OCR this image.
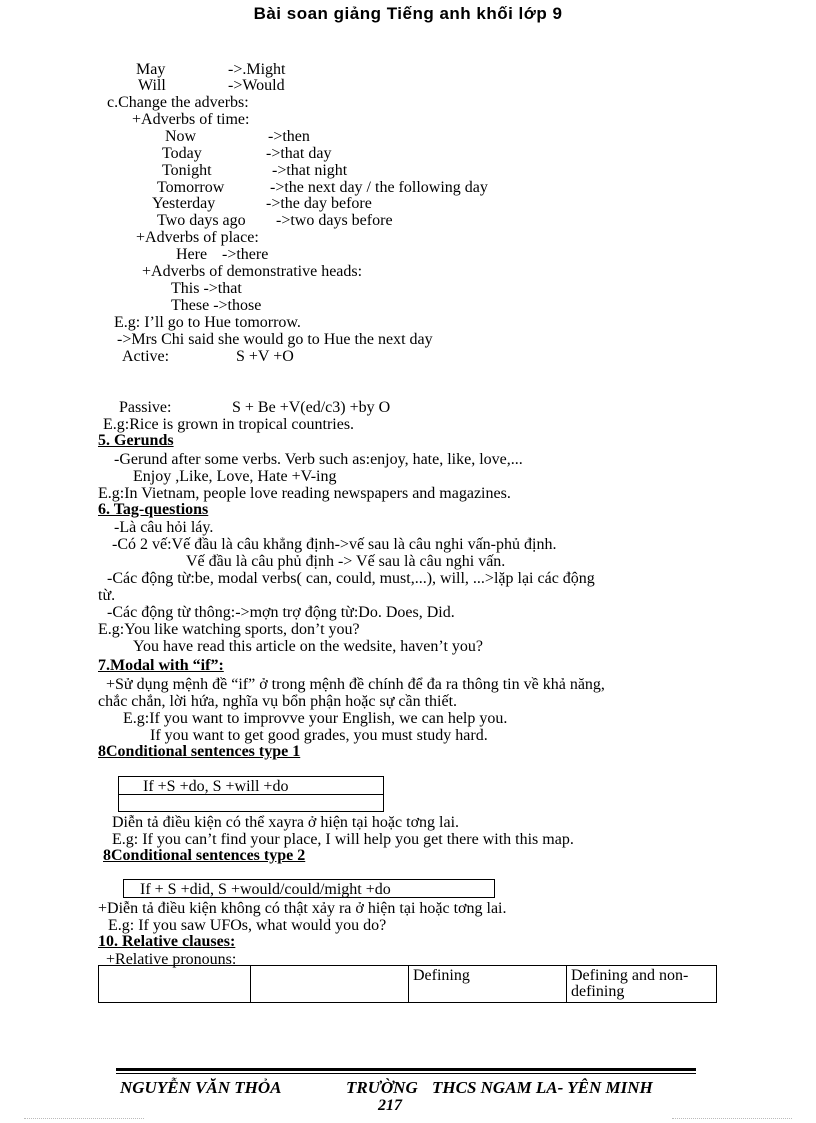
Bài soan giảng Tiếng anh khối lớp 9
May	->.Might
Will	->Would
c.Change the adverbs:
+Adverbs of time:
Now	->then
Today	->that day
Tonight	->that night
Tomorrow	->the next day / the following day
Yesterday	->the day before
Two days ago ->two days before
+Adverbs of place:
Here ->there
+Adverbs of demonstrative heads:
This ->that
These ->those
E.g: I’ll go to Hue tomorrow.
->Mrs Chi said she would go to Hue the next day
Active:	S +V +O
Passive:	S + Be +V(ed/c3) +by O
E.g:Rice is grown in tropical countries.
5. Gerunds
-Gerund after some verbs. Verb such as:enjoy, hate, like, love,...
Enjoy ,Like, Love, Hate +V-ing
E.g:In Vietnam, people love reading newspapers and magazines.
6. Tag-questions
-Là câu hỏi láy.
-Có 2 vế:Vế đầu là câu khẳng định->vế sau là câu nghi vấn-phủ định.
Vế đầu là câu phủ định -> Vế sau là câu nghi vấn.
-Các động từ:be, modal verbs( can, could, must,...), will, ...>lặp lại các động
từ.
-Các động từ thông:->mợn trợ động từ:Do. Does, Did.
E.g:You like watching sports, don’t you?
You have read this article on the wedsite, haven’t you?
7.Modal with “if”:
+Sử dụng mệnh đề “if” ở trong mệnh đề chính để đa ra thông tin về khả năng,
chắc chắn, lời hứa, nghĩa vụ bổn phận hoặc sự cần thiết.
E.g:If you want to improvve your English, we can help you.
If you want to get good grades, you must study hard.
8Conditional sentences type 1
If +S +do, S +will +do
Diễn tả điều kiện có thể xayra ở hiện tại hoặc tơng lai.
E.g: If you can’t find your place, I will help you get there with this map.
8Conditional sentences type 2
If + S +did, S +would/could/might +do
+Diễn tả điều kiện không có thật xảy ra ở hiện tại hoặc tơng lai.
E.g: If you saw UFOs, what would you do?
10. Relative clauses:
+Relative pronouns:
		Defining	Defining and non-defining
NGUYỄN VĂN THỎA	TRƯỜNG THCS NGAM LA- YÊN MINH
217
